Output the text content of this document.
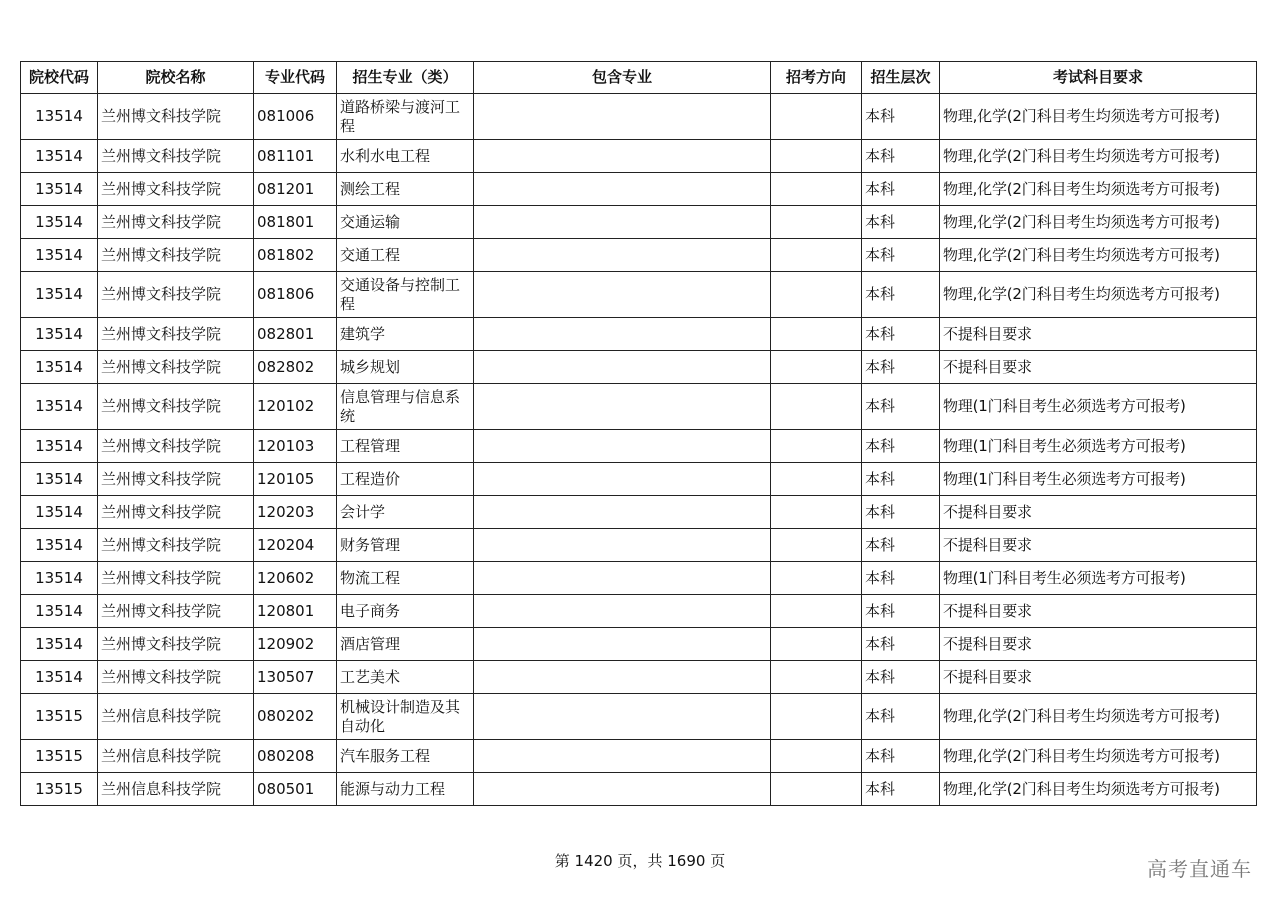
院校代码	院校名称	专业代码	招生专业（类）	包含专业	招考方向	招生层次	考试科目要求
13514	兰州博文科技学院	081006	道路桥梁与渡河工程			本科	物理,化学(2门科目考生均须选考方可报考)
13514	兰州博文科技学院	081101	水利水电工程			本科	物理,化学(2门科目考生均须选考方可报考)
13514	兰州博文科技学院	081201	测绘工程			本科	物理,化学(2门科目考生均须选考方可报考)
13514	兰州博文科技学院	081801	交通运输			本科	物理,化学(2门科目考生均须选考方可报考)
13514	兰州博文科技学院	081802	交通工程			本科	物理,化学(2门科目考生均须选考方可报考)
13514	兰州博文科技学院	081806	交通设备与控制工程			本科	物理,化学(2门科目考生均须选考方可报考)
13514	兰州博文科技学院	082801	建筑学			本科	不提科目要求
13514	兰州博文科技学院	082802	城乡规划			本科	不提科目要求
13514	兰州博文科技学院	120102	信息管理与信息系统			本科	物理(1门科目考生必须选考方可报考)
13514	兰州博文科技学院	120103	工程管理			本科	物理(1门科目考生必须选考方可报考)
13514	兰州博文科技学院	120105	工程造价			本科	物理(1门科目考生必须选考方可报考)
13514	兰州博文科技学院	120203	会计学			本科	不提科目要求
13514	兰州博文科技学院	120204	财务管理			本科	不提科目要求
13514	兰州博文科技学院	120602	物流工程			本科	物理(1门科目考生必须选考方可报考)
13514	兰州博文科技学院	120801	电子商务			本科	不提科目要求
13514	兰州博文科技学院	120902	酒店管理			本科	不提科目要求
13514	兰州博文科技学院	130507	工艺美术			本科	不提科目要求
13515	兰州信息科技学院	080202	机械设计制造及其自动化			本科	物理,化学(2门科目考生均须选考方可报考)
13515	兰州信息科技学院	080208	汽车服务工程			本科	物理,化学(2门科目考生均须选考方可报考)
13515	兰州信息科技学院	080501	能源与动力工程			本科	物理,化学(2门科目考生均须选考方可报考)
第 1420 页，共 1690 页	高考直通车
